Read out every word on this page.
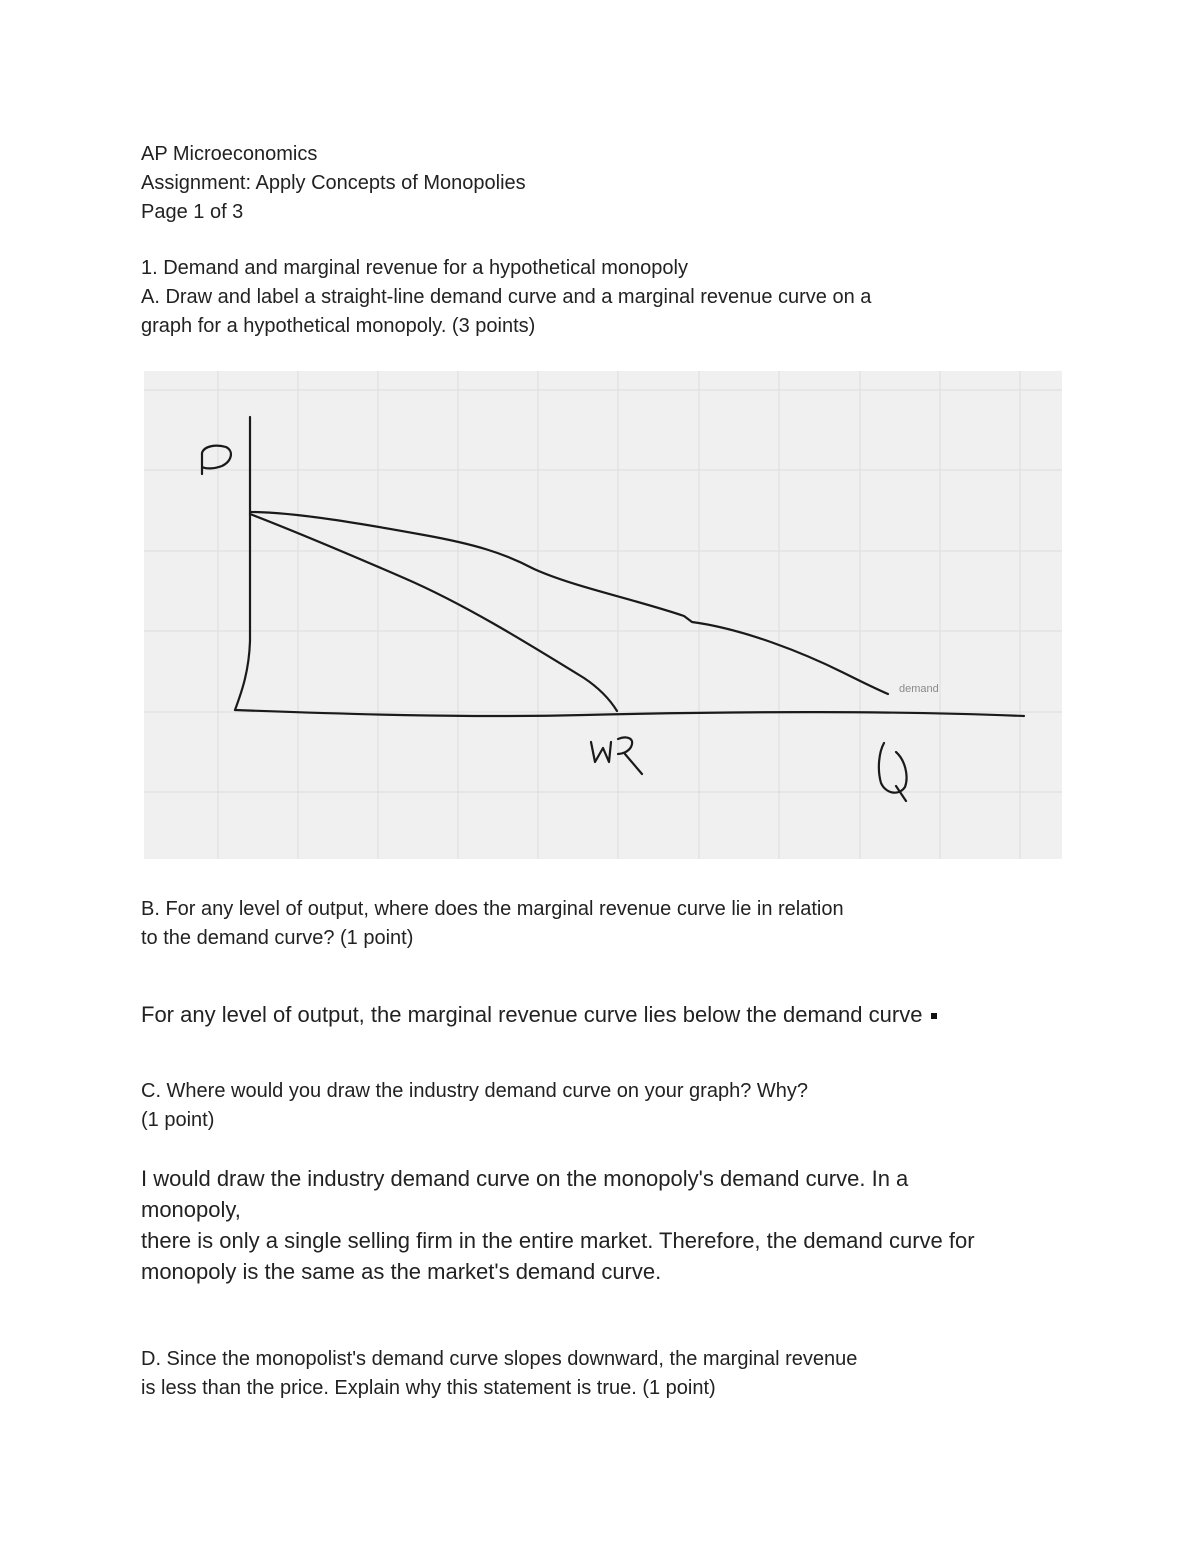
AP Microeconomics
Assignment: Apply Concepts of Monopolies
Page 1 of 3
1. Demand and marginal revenue for a hypothetical monopoly
A. Draw and label a straight-line demand curve and a marginal revenue curve on a
graph for a hypothetical monopoly. (3 points)
P
MR
Q
demand
B. For any level of output, where does the marginal revenue curve lie in relation
to the demand curve? (1 point)
For any level of output, the marginal revenue curve lies below the demand curve
C. Where would you draw the industry demand curve on your graph? Why?
(1 point)
I would draw the industry demand curve on the monopoly's demand curve. In a
monopoly,
there is only a single selling firm in the entire market. Therefore, the demand curve for
monopoly is the same as the market's demand curve.
D. Since the monopolist's demand curve slopes downward, the marginal revenue
is less than the price. Explain why this statement is true. (1 point)
